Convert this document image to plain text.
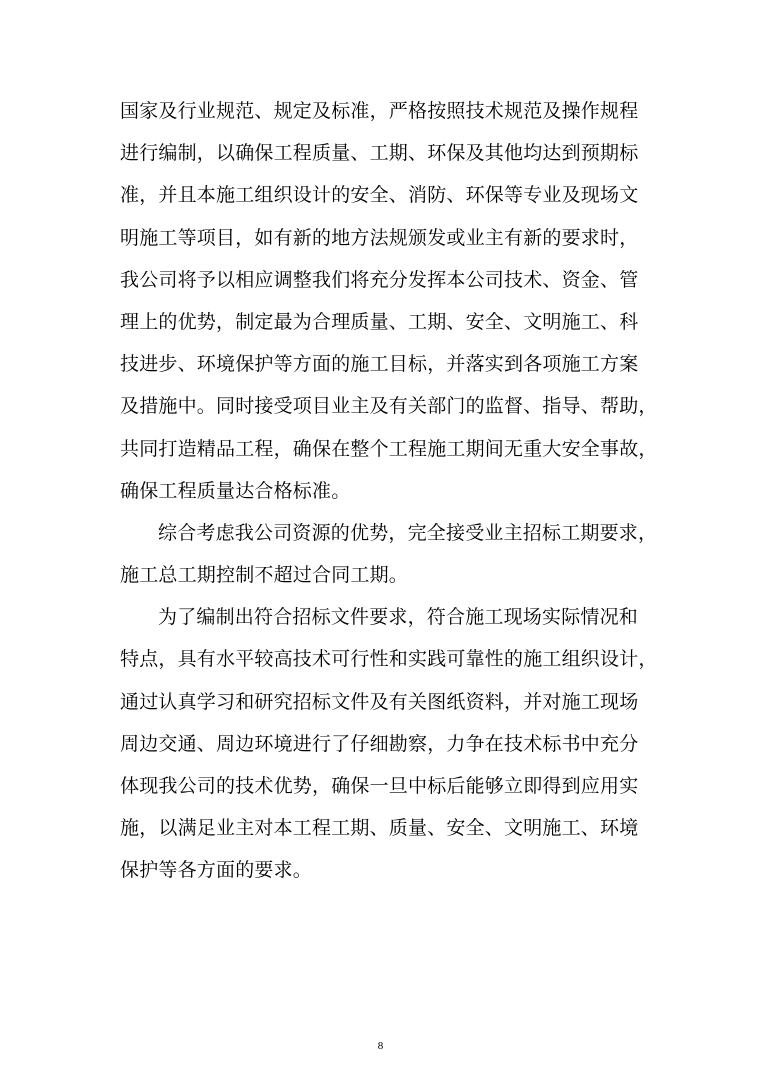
国家及行业规范、规定及标准，严格按照技术规范及操作规程
进行编制，以确保工程质量、工期、环保及其他均达到预期标
准，并且本施工组织设计的安全、消防、环保等专业及现场文
明施工等项目，如有新的地方法规颁发或业主有新的要求时，
我公司将予以相应调整我们将充分发挥本公司技术、资金、管
理上的优势，制定最为合理质量、工期、安全、文明施工、科
技进步、环境保护等方面的施工目标，并落实到各项施工方案
及措施中。同时接受项目业主及有关部门的监督、指导、帮助，
共同打造精品工程，确保在整个工程施工期间无重大安全事故，
确保工程质量达合格标准。
综合考虑我公司资源的优势，完全接受业主招标工期要求，
施工总工期控制不超过合同工期。
为了编制出符合招标文件要求，符合施工现场实际情况和
特点，具有水平较高技术可行性和实践可靠性的施工组织设计，
通过认真学习和研究招标文件及有关图纸资料，并对施工现场
周边交通、周边环境进行了仔细勘察，力争在技术标书中充分
体现我公司的技术优势，确保一旦中标后能够立即得到应用实
施，以满足业主对本工程工期、质量、安全、文明施工、环境
保护等各方面的要求。
8
